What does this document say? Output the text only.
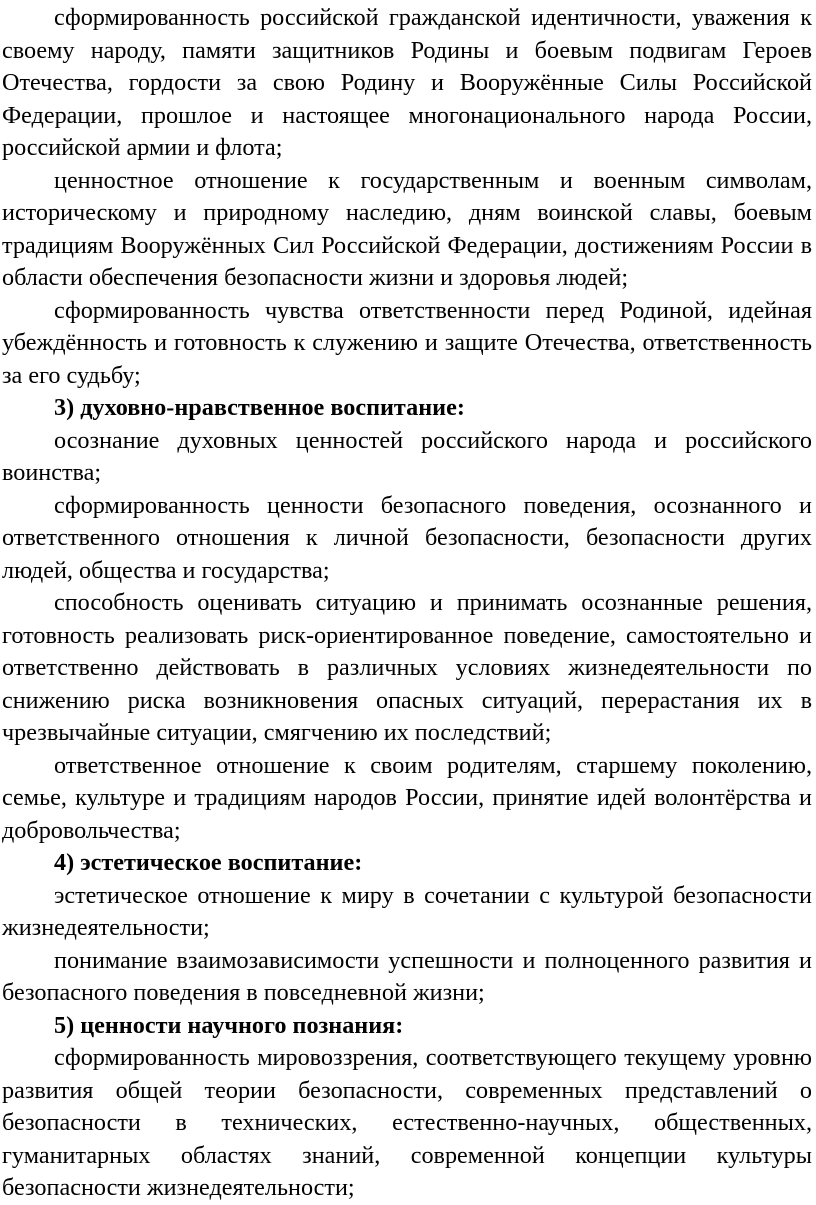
сформированность российской гражданской идентичности, уважения к своему народу, памяти защитников Родины и боевым подвигам Героев Отечества, гордости за свою Родину и Вооружённые Силы Российской Федерации, прошлое и настоящее многонационального народа России, российской армии и флота;

ценностное отношение к государственным и военным символам, историческому и природному наследию, дням воинской славы, боевым традициям Вооружённых Сил Российской Федерации, достижениям России в области обеспечения безопасности жизни и здоровья людей;

сформированность чувства ответственности перед Родиной, идейная убеждённость и готовность к служению и защите Отечества, ответственность за его судьбу;

3) духовно-нравственное воспитание:

осознание духовных ценностей российского народа и российского воинства;

сформированность ценности безопасного поведения, осознанного и ответственного отношения к личной безопасности, безопасности других людей, общества и государства;

способность оценивать ситуацию и принимать осознанные решения, готовность реализовать риск-ориентированное поведение, самостоятельно и ответственно действовать в различных условиях жизнедеятельности по снижению риска возникновения опасных ситуаций, перерастания их в чрезвычайные ситуации, смягчению их последствий;

ответственное отношение к своим родителям, старшему поколению, семье, культуре и традициям народов России, принятие идей волонтёрства и добровольчества;

4) эстетическое воспитание:

эстетическое отношение к миру в сочетании с культурой безопасности жизнедеятельности;

понимание взаимозависимости успешности и полноценного развития и безопасного поведения в повседневной жизни;

5) ценности научного познания:

сформированность мировоззрения, соответствующего текущему уровню развития общей теории безопасности, современных представлений о безопасности в технических, естественно-научных, общественных, гуманитарных областях знаний, современной концепции культуры безопасности жизнедеятельности;
